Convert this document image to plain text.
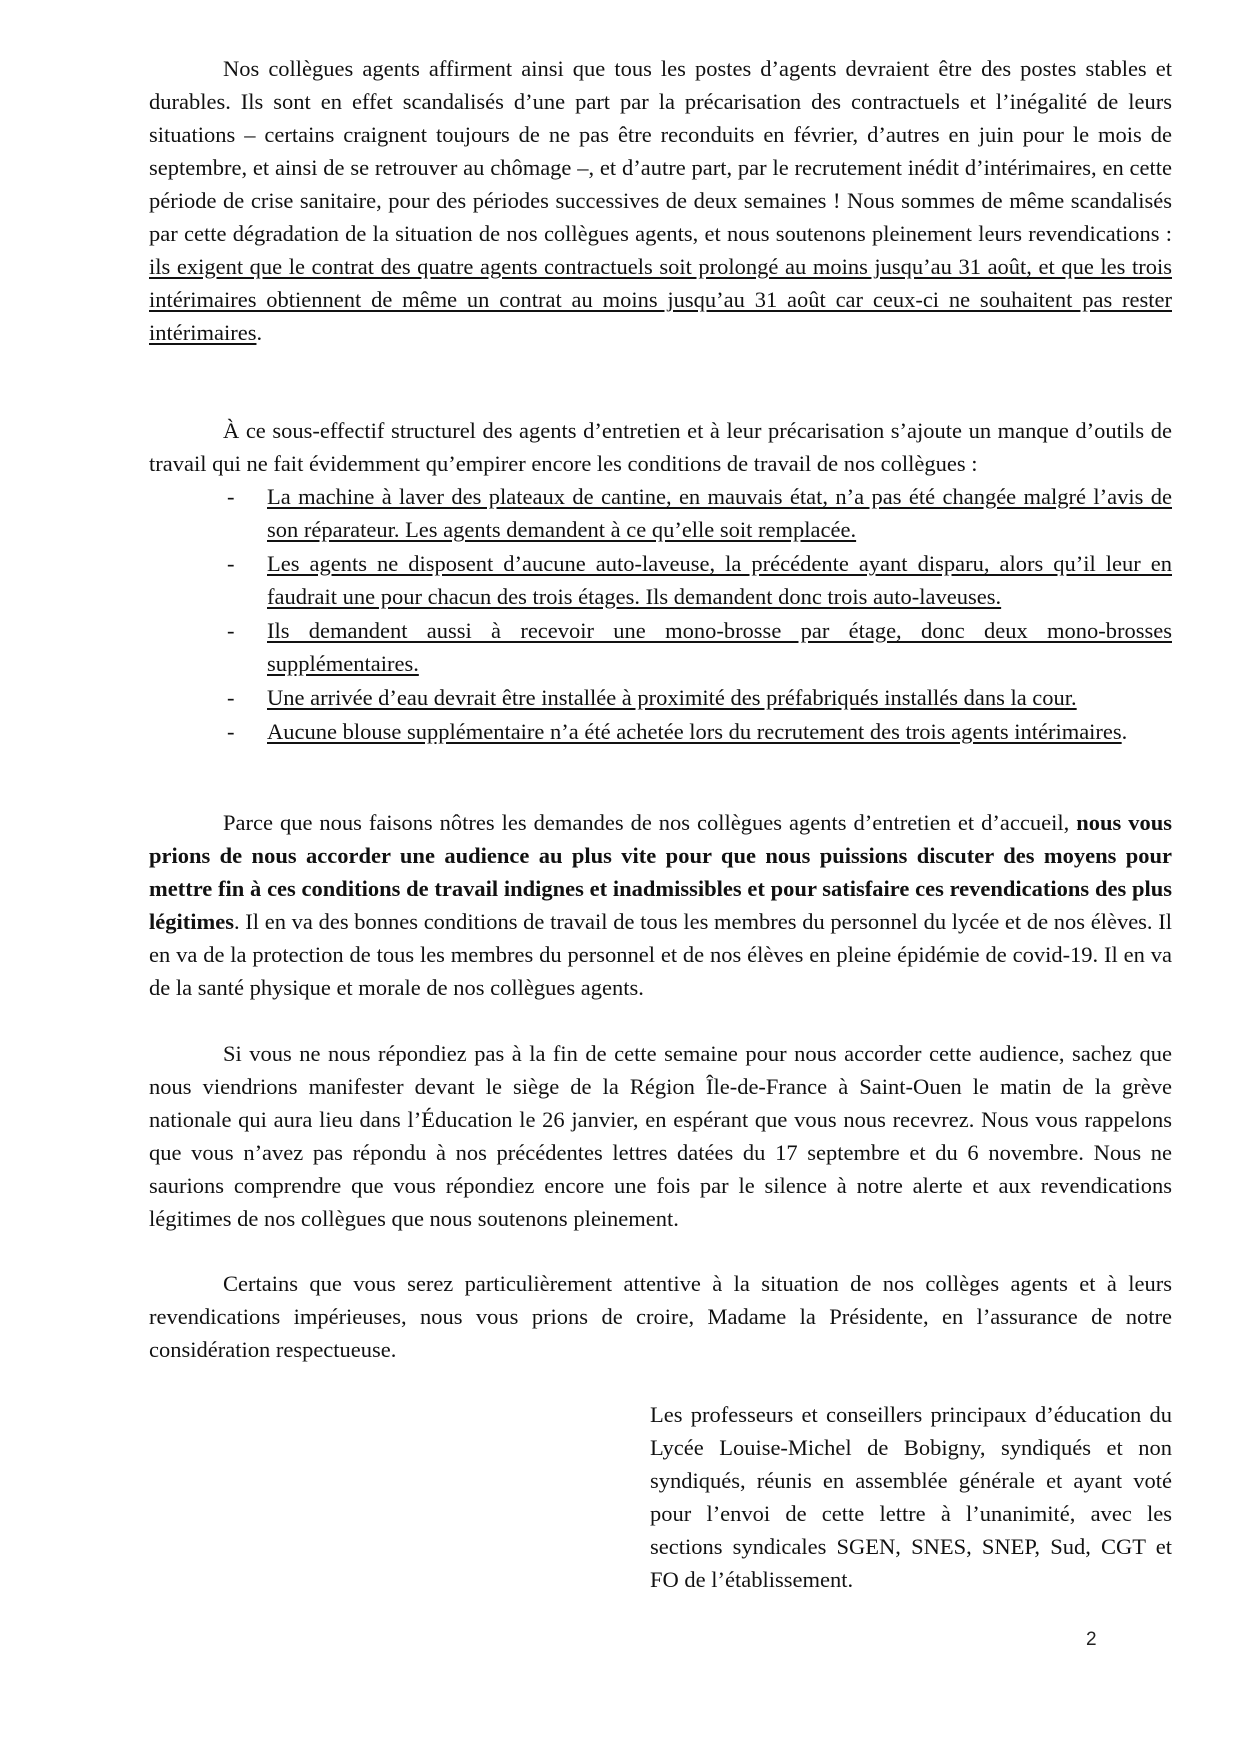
Nos collègues agents affirment ainsi que tous les postes d’agents devraient être des postes stables et durables. Ils sont en effet scandalisés d’une part par la précarisation des contractuels et l’inégalité de leurs situations – certains craignent toujours de ne pas être reconduits en février, d’autres en juin pour le mois de septembre, et ainsi de se retrouver au chômage –, et d’autre part, par le recrutement inédit d’intérimaires, en cette période de crise sanitaire, pour des périodes successives de deux semaines ! Nous sommes de même scandalisés par cette dégradation de la situation de nos collègues agents, et nous soutenons pleinement leurs revendications : ils exigent que le contrat des quatre agents contractuels soit prolongé au moins jusqu’au 31 août, et que les trois intérimaires obtiennent de même un contrat au moins jusqu’au 31 août car ceux-ci ne souhaitent pas rester intérimaires.

À ce sous-effectif structurel des agents d’entretien et à leur précarisation s’ajoute un manque d’outils de travail qui ne fait évidemment qu’empirer encore les conditions de travail de nos collègues :

- La machine à laver des plateaux de cantine, en mauvais état, n’a pas été changée malgré l’avis de son réparateur. Les agents demandent à ce qu’elle soit remplacée.
- Les agents ne disposent d’aucune auto-laveuse, la précédente ayant disparu, alors qu’il leur en faudrait une pour chacun des trois étages. Ils demandent donc trois auto-laveuses.
- Ils demandent aussi à recevoir une mono-brosse par étage, donc deux mono-brosses supplémentaires.
- Une arrivée d’eau devrait être installée à proximité des préfabriqués installés dans la cour.
- Aucune blouse supplémentaire n’a été achetée lors du recrutement des trois agents intérimaires.

Parce que nous faisons nôtres les demandes de nos collègues agents d’entretien et d’accueil, nous vous prions de nous accorder une audience au plus vite pour que nous puissions discuter des moyens pour mettre fin à ces conditions de travail indignes et inadmissibles et pour satisfaire ces revendications des plus légitimes. Il en va des bonnes conditions de travail de tous les membres du personnel du lycée et de nos élèves. Il en va de la protection de tous les membres du personnel et de nos élèves en pleine épidémie de covid-19. Il en va de la santé physique et morale de nos collègues agents.

Si vous ne nous répondiez pas à la fin de cette semaine pour nous accorder cette audience, sachez que nous viendrions manifester devant le siège de la Région Île-de-France à Saint-Ouen le matin de la grève nationale qui aura lieu dans l’Éducation le 26 janvier, en espérant que vous nous recevrez. Nous vous rappelons que vous n’avez pas répondu à nos précédentes lettres datées du 17 septembre et du 6 novembre. Nous ne saurions comprendre que vous répondiez encore une fois par le silence à notre alerte et aux revendications légitimes de nos collègues que nous soutenons pleinement.

Certains que vous serez particulièrement attentive à la situation de nos collèges agents et à leurs revendications impérieuses, nous vous prions de croire, Madame la Présidente, en l’assurance de notre considération respectueuse.

Les professeurs et conseillers principaux d’éducation du Lycée Louise-Michel de Bobigny, syndiqués et non syndiqués, réunis en assemblée générale et ayant voté pour l’envoi de cette lettre à l’unanimité, avec les sections syndicales SGEN, SNES, SNEP, Sud, CGT et FO de l’établissement.

2
